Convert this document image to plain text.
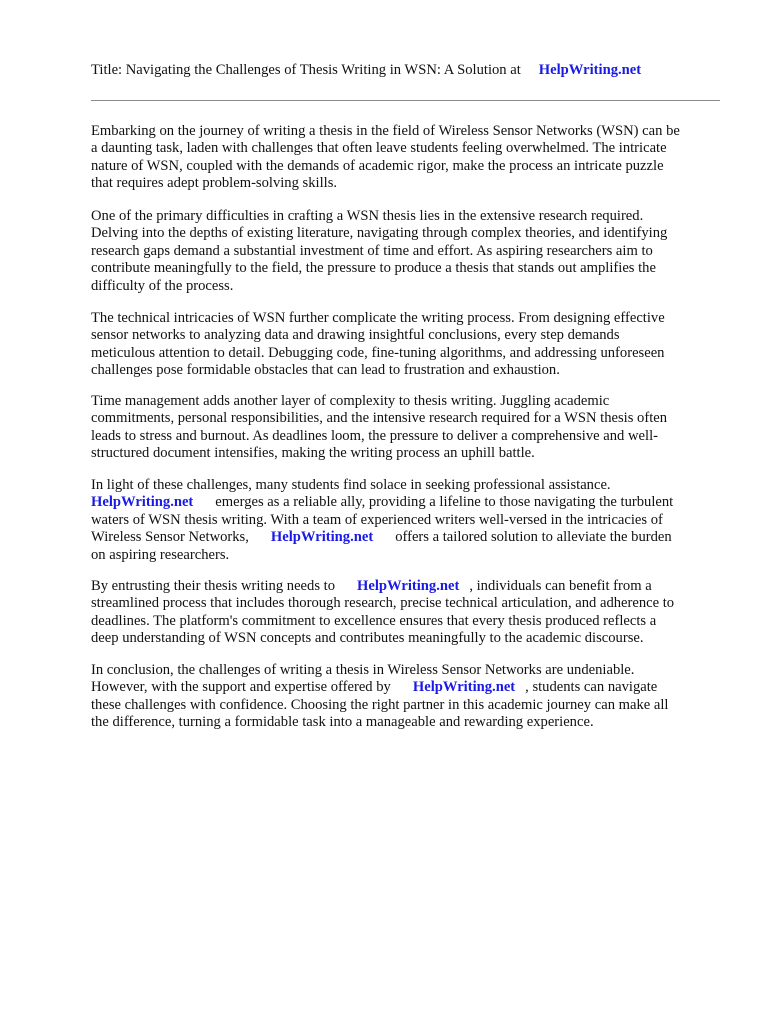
Title: Navigating the Challenges of Thesis Writing in WSN: A Solution at HelpWriting.net

Embarking on the journey of writing a thesis in the field of Wireless Sensor Networks (WSN) can be
a daunting task, laden with challenges that often leave students feeling overwhelmed. The intricate
nature of WSN, coupled with the demands of academic rigor, make the process an intricate puzzle
that requires adept problem-solving skills.

One of the primary difficulties in crafting a WSN thesis lies in the extensive research required.
Delving into the depths of existing literature, navigating through complex theories, and identifying
research gaps demand a substantial investment of time and effort. As aspiring researchers aim to
contribute meaningfully to the field, the pressure to produce a thesis that stands out amplifies the
difficulty of the process.

The technical intricacies of WSN further complicate the writing process. From designing effective
sensor networks to analyzing data and drawing insightful conclusions, every step demands
meticulous attention to detail. Debugging code, fine-tuning algorithms, and addressing unforeseen
challenges pose formidable obstacles that can lead to frustration and exhaustion.

Time management adds another layer of complexity to thesis writing. Juggling academic
commitments, personal responsibilities, and the intensive research required for a WSN thesis often
leads to stress and burnout. As deadlines loom, the pressure to deliver a comprehensive and well-
structured document intensifies, making the writing process an uphill battle.

In light of these challenges, many students find solace in seeking professional assistance.
HelpWriting.net emerges as a reliable ally, providing a lifeline to those navigating the turbulent
waters of WSN thesis writing. With a team of experienced writers well-versed in the intricacies of
Wireless Sensor Networks, HelpWriting.net offers a tailored solution to alleviate the burden
on aspiring researchers.

By entrusting their thesis writing needs to HelpWriting.net , individuals can benefit from a
streamlined process that includes thorough research, precise technical articulation, and adherence to
deadlines. The platform's commitment to excellence ensures that every thesis produced reflects a
deep understanding of WSN concepts and contributes meaningfully to the academic discourse.

In conclusion, the challenges of writing a thesis in Wireless Sensor Networks are undeniable.
However, with the support and expertise offered by HelpWriting.net , students can navigate
these challenges with confidence. Choosing the right partner in this academic journey can make all
the difference, turning a formidable task into a manageable and rewarding experience.
